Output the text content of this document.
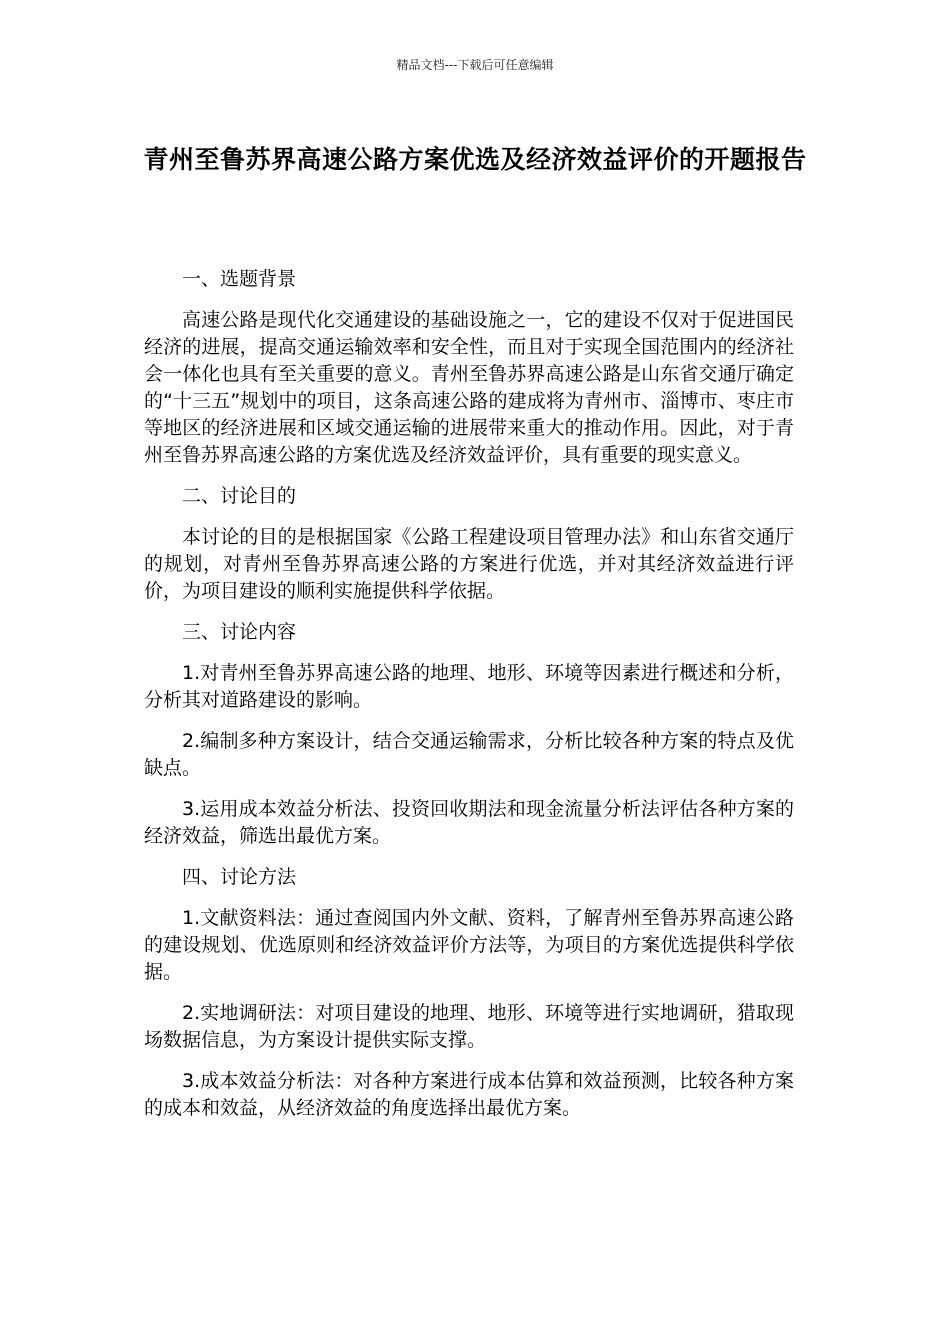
精品文档---下载后可任意编辑
青州至鲁苏界高速公路方案优选及经济效益评价的开题报告

一、选题背景

高速公路是现代化交通建设的基础设施之一，它的建设不仅对于促进国民经济的进展，提高交通运输效率和安全性，而且对于实现全国范围内的经济社会一体化也具有至关重要的意义。青州至鲁苏界高速公路是山东省交通厅确定的“十三五”规划中的项目，这条高速公路的建成将为青州市、淄博市、枣庄市等地区的经济进展和区域交通运输的进展带来重大的推动作用。因此，对于青州至鲁苏界高速公路的方案优选及经济效益评价，具有重要的现实意义。

二、讨论目的

本讨论的目的是根据国家《公路工程建设项目管理办法》和山东省交通厅的规划，对青州至鲁苏界高速公路的方案进行优选，并对其经济效益进行评价，为项目建设的顺利实施提供科学依据。

三、讨论内容

1.对青州至鲁苏界高速公路的地理、地形、环境等因素进行概述和分析，分析其对道路建设的影响。

2.编制多种方案设计，结合交通运输需求，分析比较各种方案的特点及优缺点。

3.运用成本效益分析法、投资回收期法和现金流量分析法评估各种方案的经济效益，筛选出最优方案。

四、讨论方法

1.文献资料法：通过查阅国内外文献、资料，了解青州至鲁苏界高速公路的建设规划、优选原则和经济效益评价方法等，为项目的方案优选提供科学依据。

2.实地调研法：对项目建设的地理、地形、环境等进行实地调研，猎取现场数据信息，为方案设计提供实际支撑。

3.成本效益分析法：对各种方案进行成本估算和效益预测，比较各种方案的成本和效益，从经济效益的角度选择出最优方案。
